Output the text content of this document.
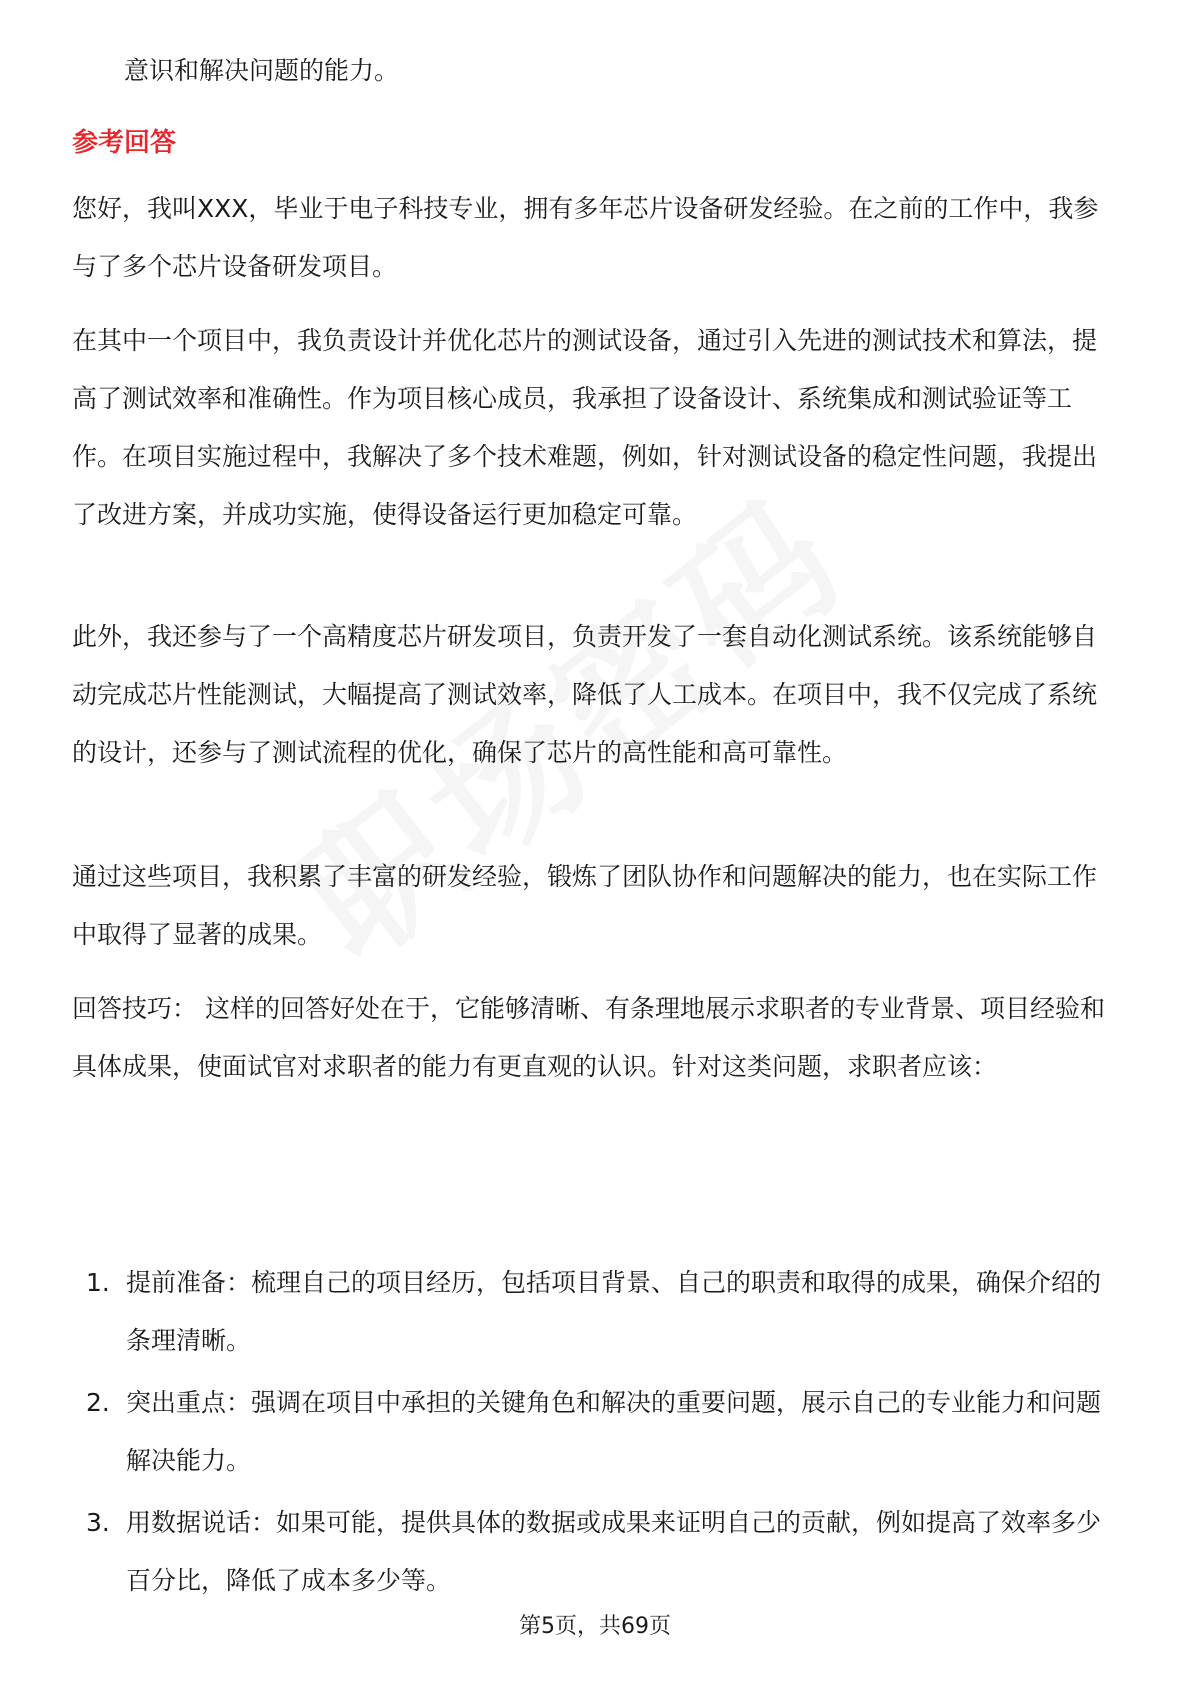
意识和解决问题的能力。
参考回答
您好，我叫XXX，毕业于电子科技专业，拥有多年芯片设备研发经验。在之前的工作中，我参与了多个芯片设备研发项目。
在其中一个项目中，我负责设计并优化芯片的测试设备，通过引入先进的测试技术和算法，提高了测试效率和准确性。作为项目核心成员，我承担了设备设计、系统集成和测试验证等工作。在项目实施过程中，我解决了多个技术难题，例如，针对测试设备的稳定性问题，我提出了改进方案，并成功实施，使得设备运行更加稳定可靠。
此外，我还参与了一个高精度芯片研发项目，负责开发了一套自动化测试系统。该系统能够自动完成芯片性能测试，大幅提高了测试效率，降低了人工成本。在项目中，我不仅完成了系统的设计，还参与了测试流程的优化，确保了芯片的高性能和高可靠性。
通过这些项目，我积累了丰富的研发经验，锻炼了团队协作和问题解决的能力，也在实际工作中取得了显著的成果。
回答技巧： 这样的回答好处在于，它能够清晰、有条理地展示求职者的专业背景、项目经验和具体成果，使面试官对求职者的能力有更直观的认识。针对这类问题，求职者应该：
1. 提前准备：梳理自己的项目经历，包括项目背景、自己的职责和取得的成果，确保介绍的条理清晰。
2. 突出重点：强调在项目中承担的关键角色和解决的重要问题，展示自己的专业能力和问题解决能力。
3. 用数据说话：如果可能，提供具体的数据或成果来证明自己的贡献，例如提高了效率多少百分比，降低了成本多少等。
第5页，共69页
